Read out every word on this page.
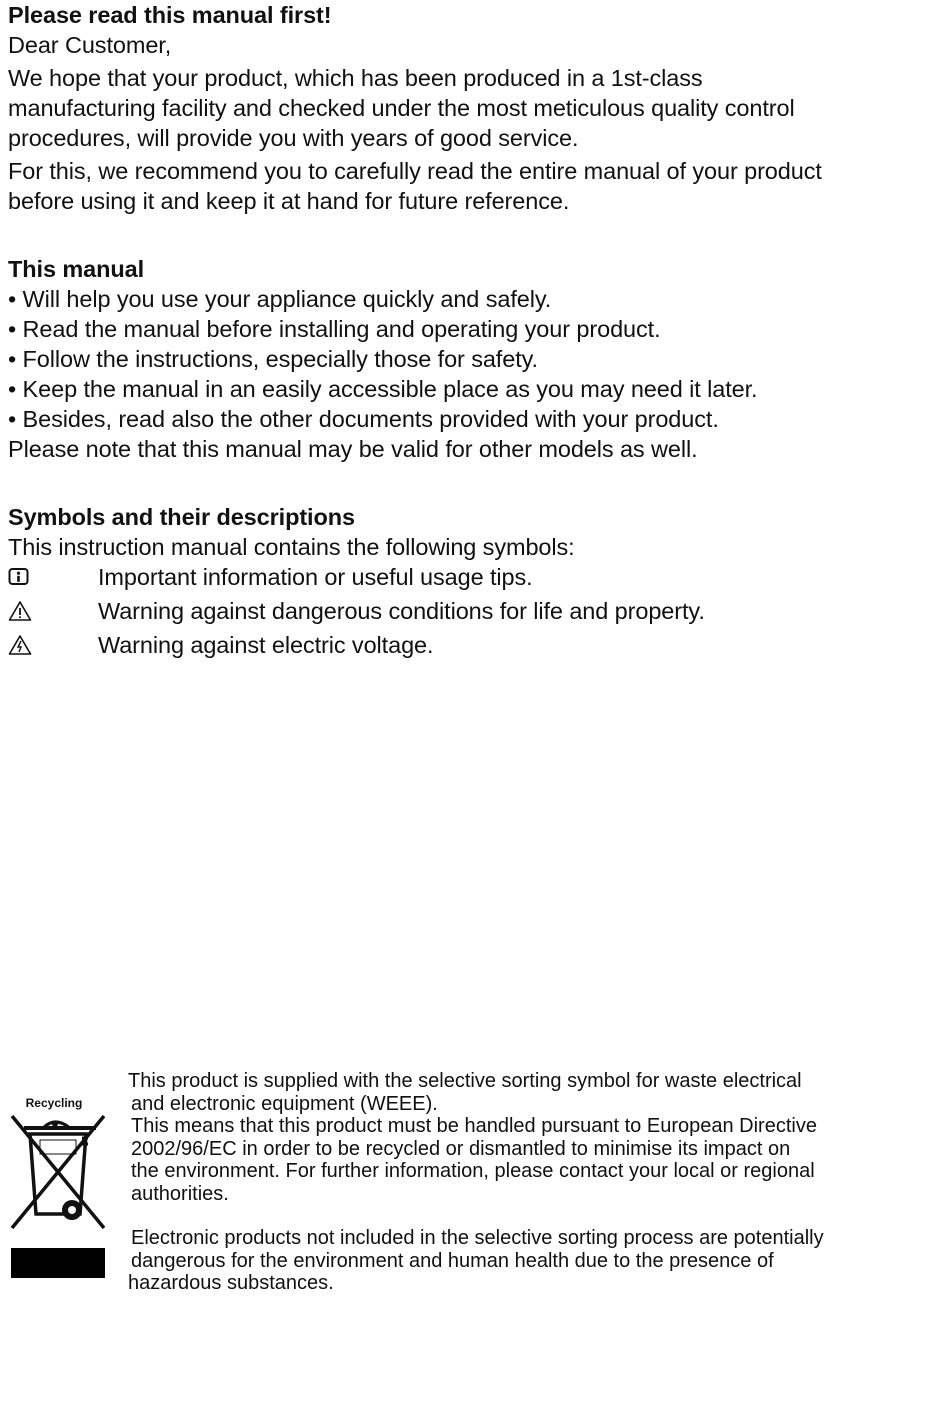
Please read this manual first!

Dear Customer,

We hope that your product, which has been produced in a 1st-class

manufacturing facility and checked under the most meticulous quality control

procedures, will provide you with years of good service.

For this, we recommend you to carefully read the entire manual of your product

before using it and keep it at hand for future reference.

This manual

• Will help you use your appliance quickly and safely.

• Read the manual before installing and operating your product.

• Follow the instructions, especially those for safety.

• Keep the manual in an easily accessible place as you may need it later.

• Besides, read also the other documents provided with your product.

Please note that this manual may be valid for other models as well.

Symbols and their descriptions

This instruction manual contains the following symbols:

Important information or useful usage tips.
Warning against dangerous conditions for life and property.
Warning against electric voltage.
Recycling

This product is supplied with the selective sorting symbol for waste electrical

and electronic equipment (WEEE).

This means that this product must be handled pursuant to European Directive

2002/96/EC in order to be recycled or dismantled to minimise its impact on

the environment. For further information, please contact your local or regional

authorities.

Electronic products not included in the selective sorting process are potentially

dangerous for the environment and human health due to the presence of

hazardous substances.
